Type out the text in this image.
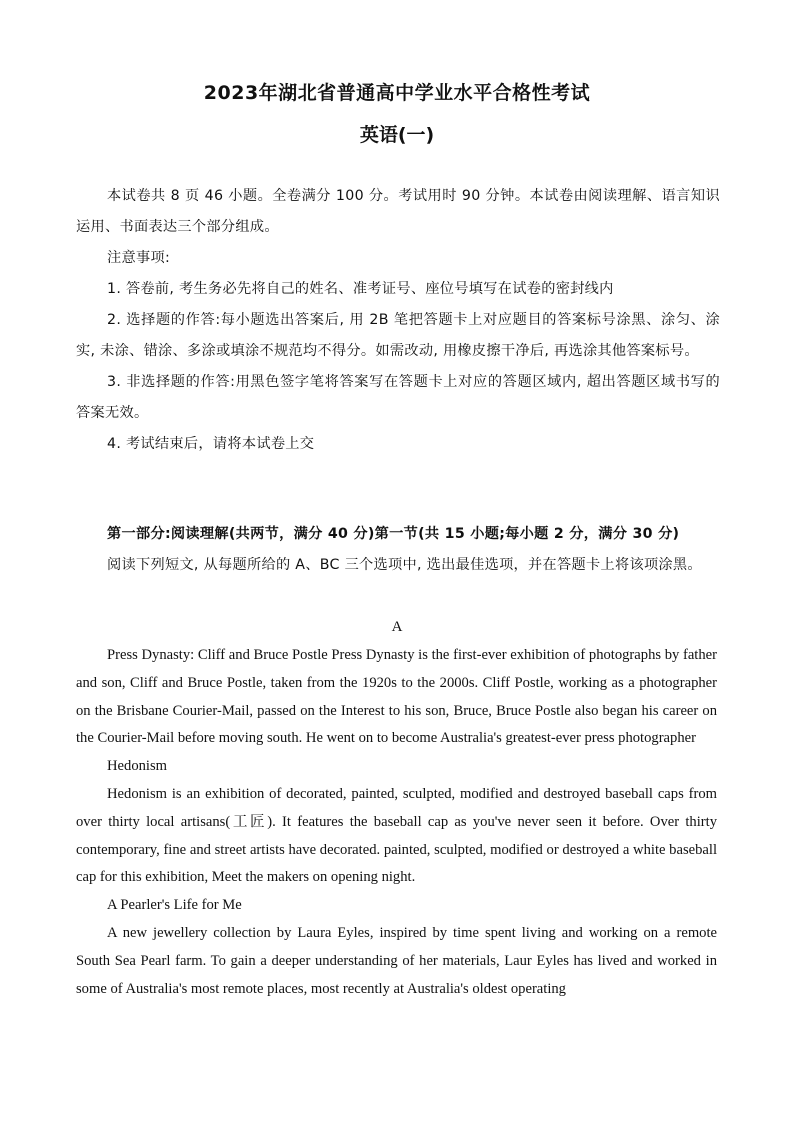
2023年湖北省普通高中学业水平合格性考试
英语(一)

本试卷共 8 页 46 小题。全卷满分 100 分。考试用时 90 分钟。本试卷由阅读理解、语言知识运用、书面表达三个部分组成。

注意事项:

1. 答卷前, 考生务必先将自己的姓名、准考证号、座位号填写在试卷的密封线内

2. 选择题的作答:每小题选出答案后, 用 2B 笔把答题卡上对应题目的答案标号涂黑、涂匀、涂实, 未涂、错涂、多涂或填涂不规范均不得分。如需改动, 用橡皮擦干净后, 再选涂其他答案标号。

3. 非选择题的作答:用黑色签字笔将答案写在答题卡上对应的答题区域内, 超出答题区域书写的答案无效。

4. 考试结束后，请将本试卷上交

第一部分:阅读理解(共两节，满分 40 分)第一节(共 15 小题;每小题 2 分，满分 30 分)

阅读下列短文, 从每题所给的 A、BC 三个选项中, 选出最佳选项，并在答题卡上将该项涂黑。

A

Press Dynasty: Cliff and Bruce Postle Press Dynasty is the first-ever exhibition of photographs by father and son, Cliff and Bruce Postle, taken from the 1920s to the 2000s. Cliff Postle, working as a photographer on the Brisbane Courier-Mail, passed on the Interest to his son, Bruce, Bruce Postle also began his career on the Courier-Mail before moving south. He went on to become Australia's greatest-ever press photographer

Hedonism

Hedonism is an exhibition of decorated, painted, sculpted, modified and destroyed baseball caps from over thirty local artisans(工匠). It features the baseball cap as you've never seen it before. Over thirty contemporary, fine and street artists have decorated. painted, sculpted, modified or destroyed a white baseball cap for this exhibition, Meet the makers on opening night.

A Pearler's Life for Me

A new jewellery collection by Laura Eyles, inspired by time spent living and working on a remote South Sea Pearl farm. To gain a deeper understanding of her materials, Laur Eyles has lived and worked in some of Australia's most remote places, most recently at Australia's oldest operating
